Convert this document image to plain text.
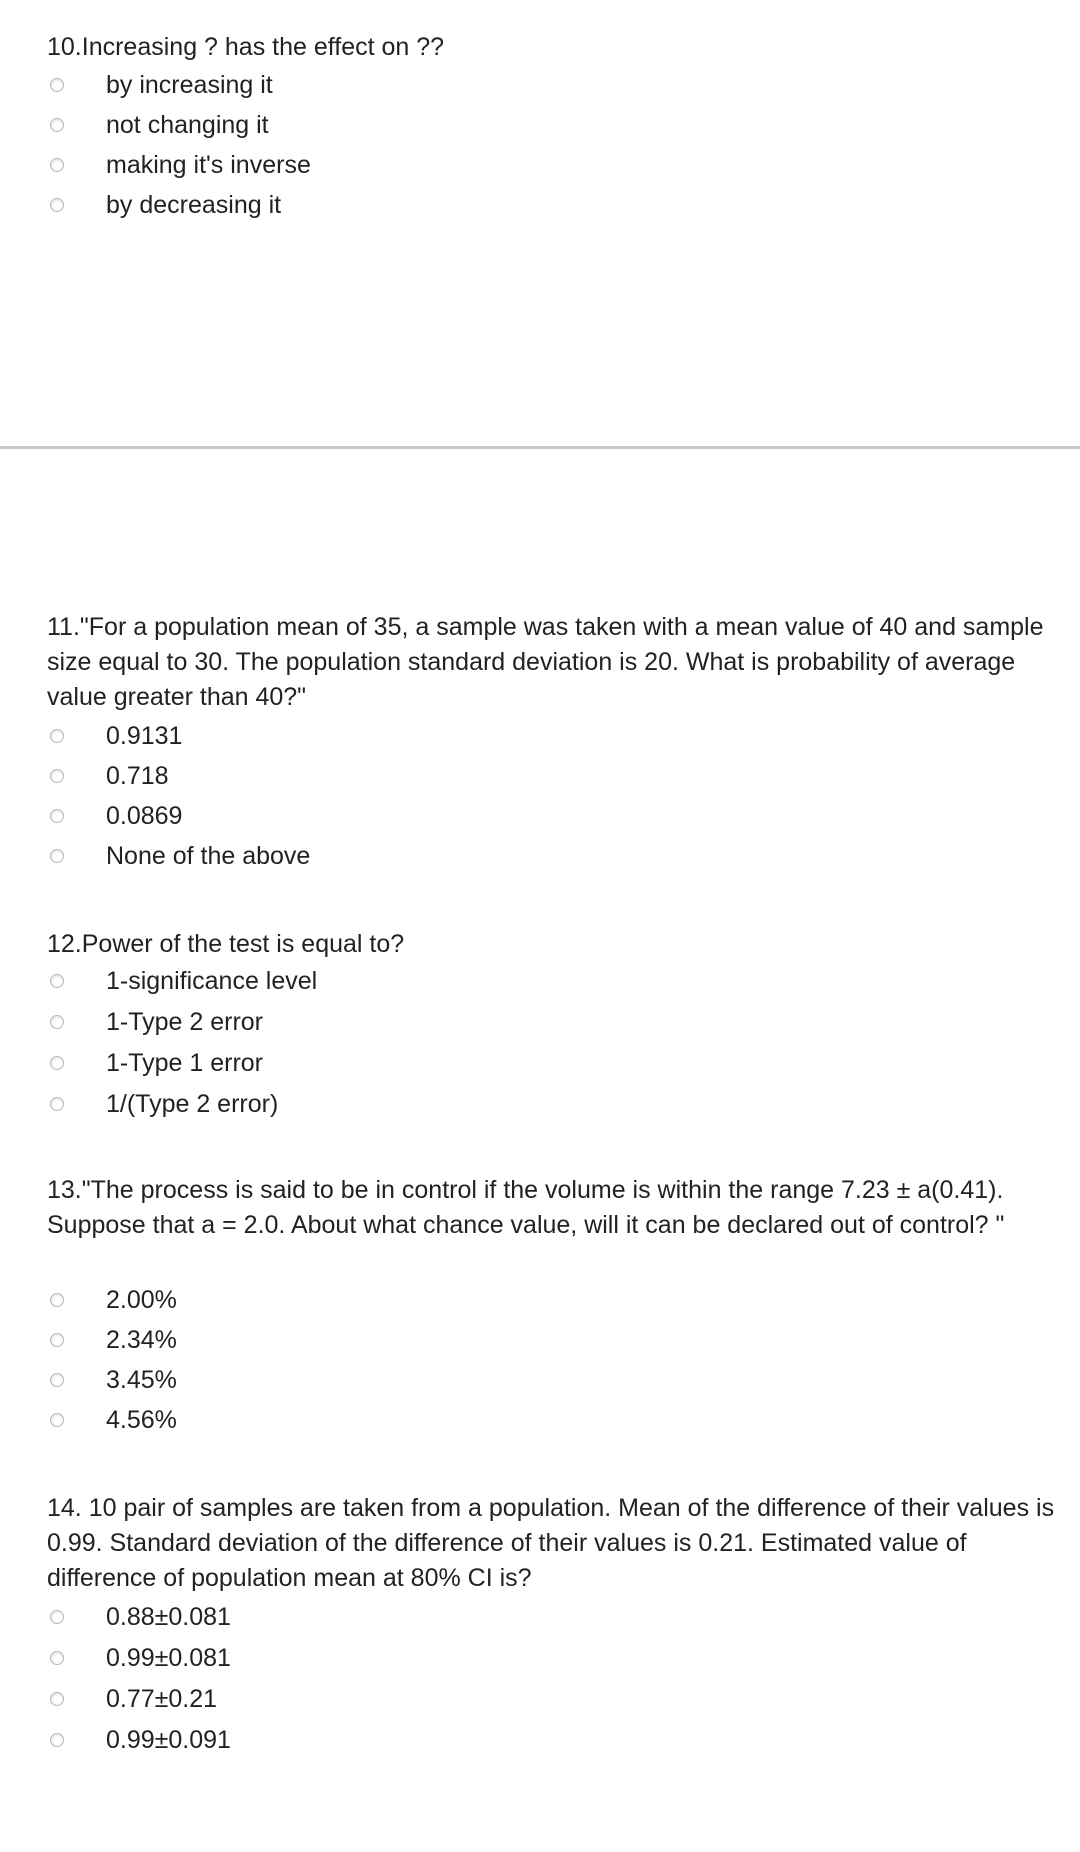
10.Increasing ? has the effect on ??

by increasing it
not changing it
making it's inverse
by decreasing it

11."For a population mean of 35, a sample was taken with a mean value of 40 and sample size equal to 30. The population standard deviation is 20. What is probability of average value greater than 40?"

0.9131
0.718
0.0869
None of the above

12.Power of the test is equal to?

1-significance level
1-Type 2 error
1-Type 1 error
1/(Type 2 error)

13."The process is said to be in control if the volume is within the range 7.23 ± a(0.41). Suppose that a = 2.0. About what chance value, will it can be declared out of control? "

2.00%
2.34%
3.45%
4.56%

14. 10 pair of samples are taken from a population. Mean of the difference of their values is 0.99. Standard deviation of the difference of their values is 0.21. Estimated value of difference of population mean at 80% CI is?

0.88±0.081
0.99±0.081
0.77±0.21
0.99±0.091
